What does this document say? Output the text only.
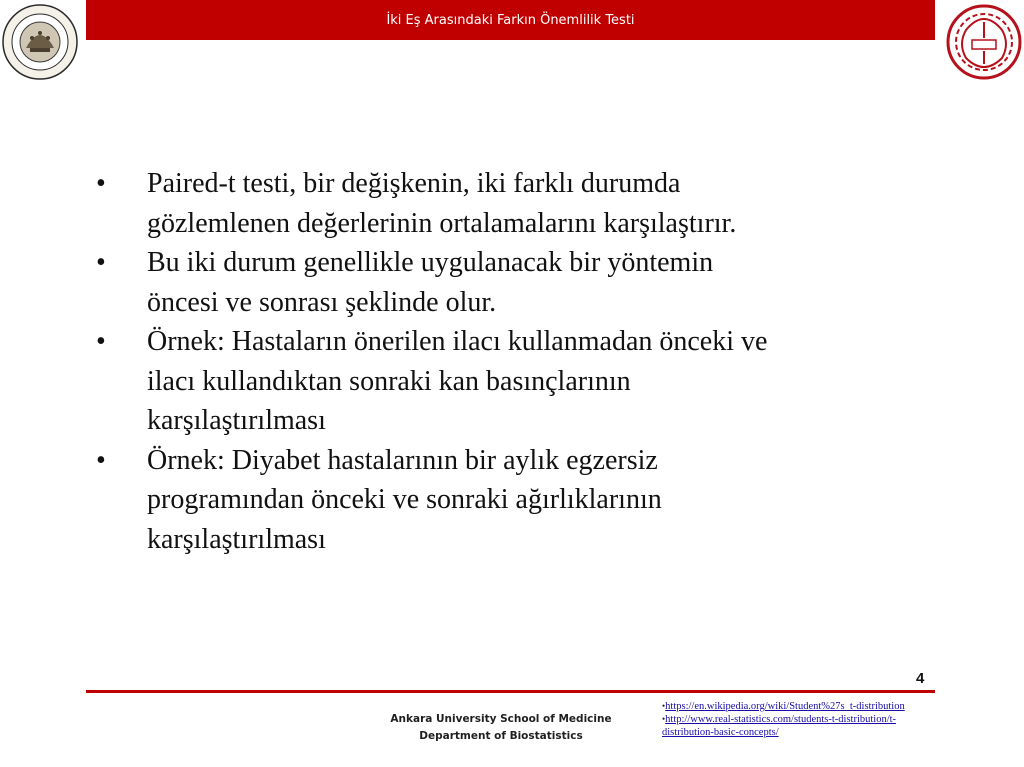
İki Eş Arasındaki Farkın Önemlilik Testi
•	Paired-t testi, bir değişkenin, iki farklı durumda
gözlemlenen değerlerinin ortalamalarını karşılaştırır.
•	Bu iki durum genellikle uygulanacak bir yöntemin
öncesi ve sonrası şeklinde olur.
•	Örnek: Hastaların önerilen ilacı kullanmadan önceki ve
ilacı kullandıktan sonraki kan basınçlarının
karşılaştırılması
•	Örnek: Diyabet hastalarının bir aylık egzersiz
programından önceki ve sonraki ağırlıklarının
karşılaştırılması
4
Ankara University School of Medicine
Department of Biostatistics
•https://en.wikipedia.org/wiki/Student%27s_t-distribution
•http://www.real-statistics.com/students-t-distribution/t-
distribution-basic-concepts/
